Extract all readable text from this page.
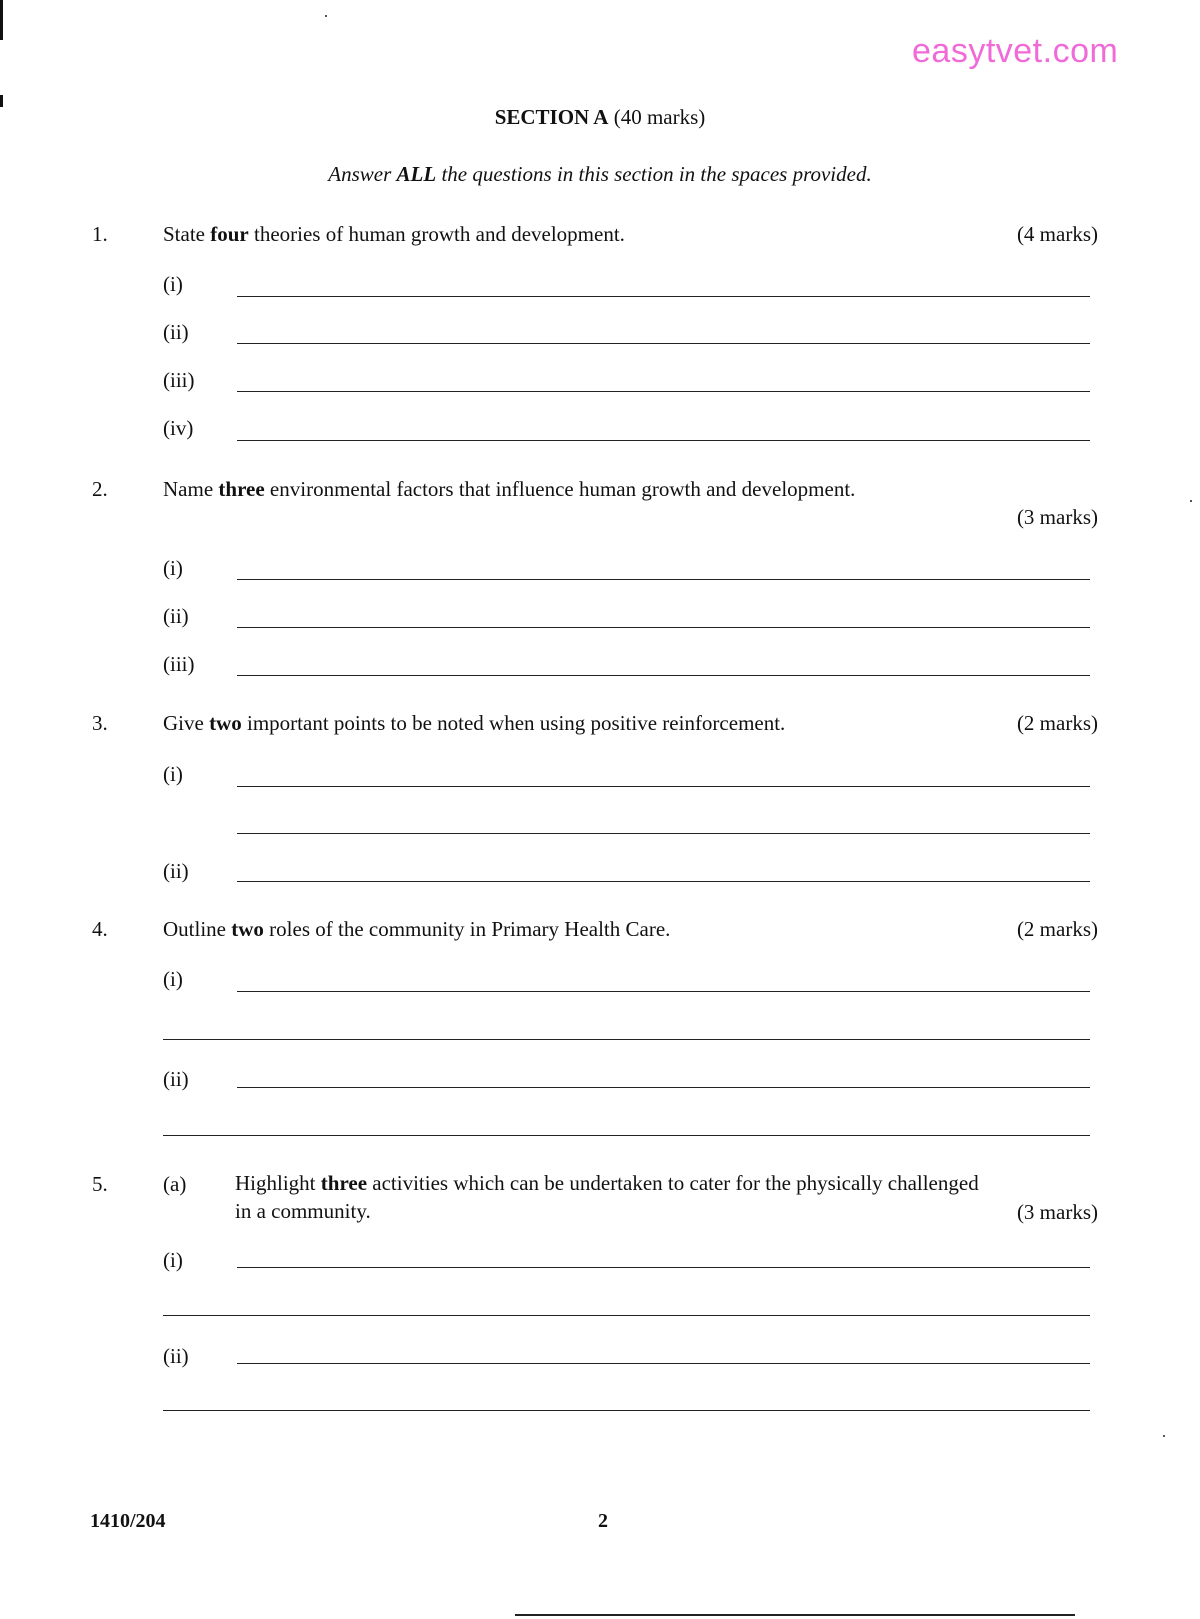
easytvet.com
SECTION A (40 marks)
Answer ALL the questions in this section in the spaces provided.
1.	State four theories of human growth and development.	(4 marks)
(i)
(ii)
(iii)
(iv)
2.	Name three environmental factors that influence human growth and development.
(3 marks)
(i)
(ii)
(iii)
3.	Give two important points to be noted when using positive reinforcement.	(2 marks)
(i)
(ii)
4.	Outline two roles of the community in Primary Health Care.	(2 marks)
(i)
(ii)
5.	(a) Highlight three activities which can be undertaken to cater for the physically challenged in a community.	(3 marks)
(i)
(ii)
1410/204	2
